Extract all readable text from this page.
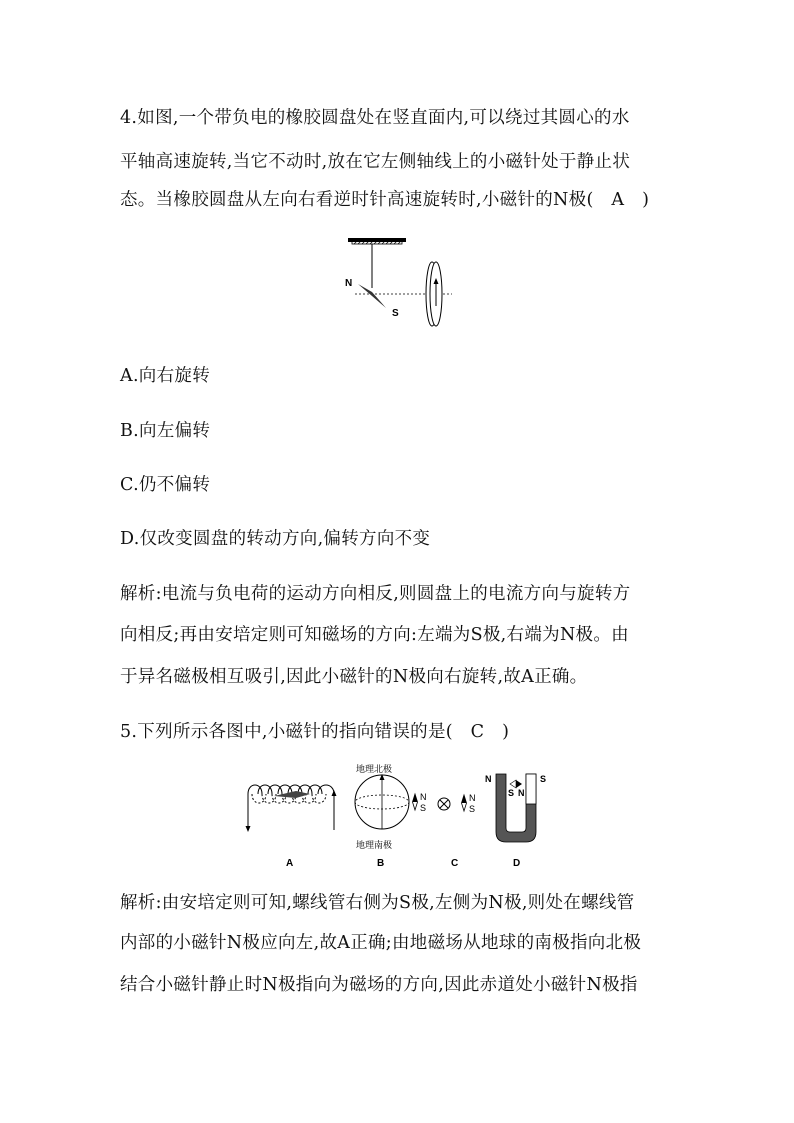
4.如图,一个带负电的橡胶圆盘处在竖直面内,可以绕过其圆心的水
平轴高速旋转,当它不动时,放在它左侧轴线上的小磁针处于静止状
态。当橡胶圆盘从左向右看逆时针高速旋转时,小磁针的N极(　A　)
N
S
A.向右旋转
B.向左偏转
C.仍不偏转
D.仅改变圆盘的转动方向,偏转方向不变
解析:电流与负电荷的运动方向相反,则圆盘上的电流方向与旋转方
向相反;再由安培定则可知磁场的方向:左端为S极,右端为N极。由
于异名磁极相互吸引,因此小磁针的N极向右旋转,故A正确。
5.下列所示各图中,小磁针的指向错误的是(　C　)
地理北极
地理南极
N
S
N
S
N	S
S N
A	B	C	D
解析:由安培定则可知,螺线管右侧为S极,左侧为N极,则处在螺线管
内部的小磁针N极应向左,故A正确;由地磁场从地球的南极指向北极
结合小磁针静止时N极指向为磁场的方向,因此赤道处小磁针N极指
